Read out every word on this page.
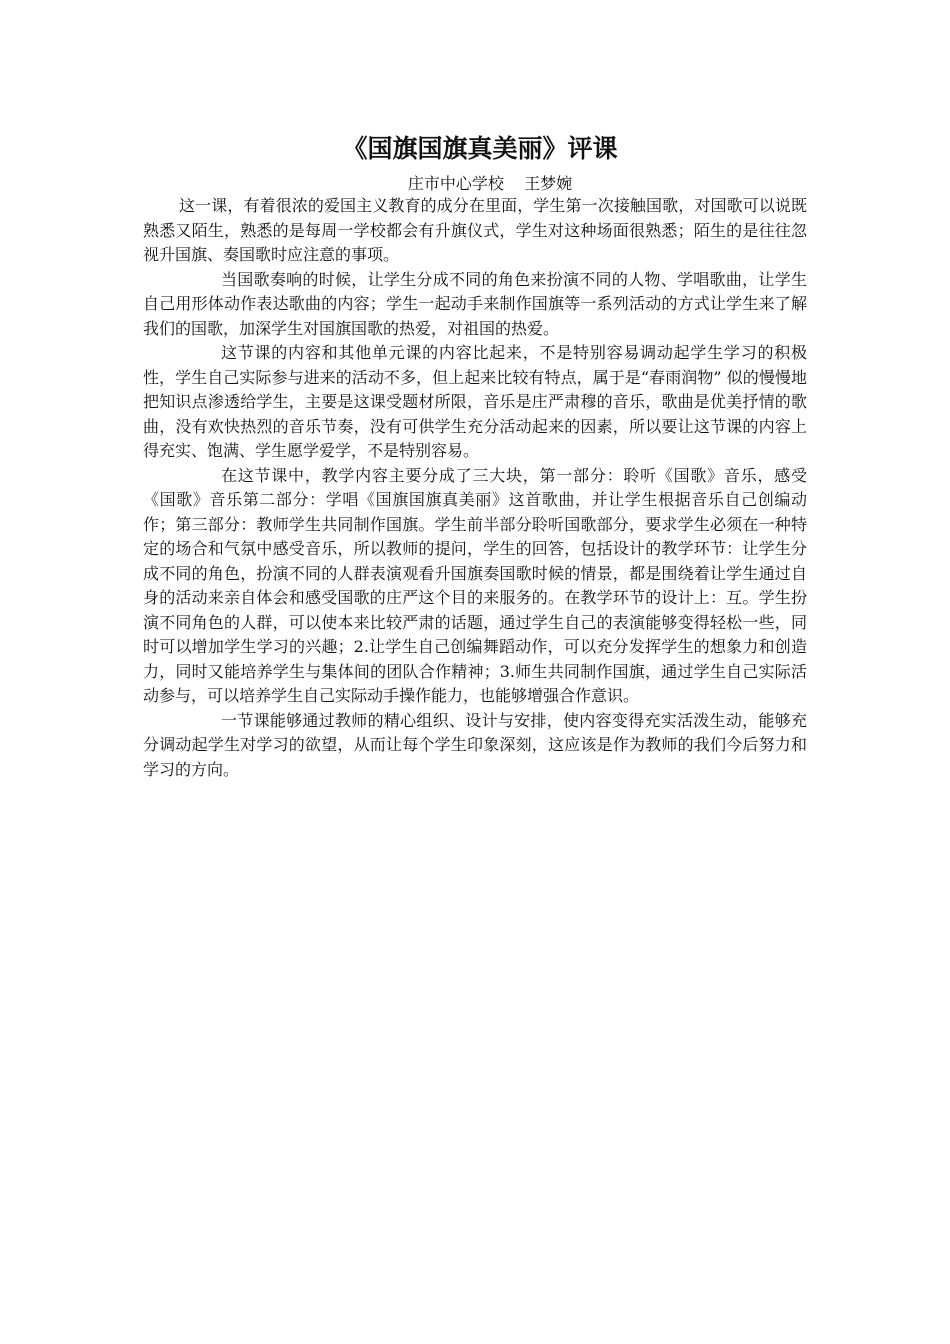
《国旗国旗真美丽》评课
庄市中心学校    王梦婉

这一课，有着很浓的爱国主义教育的成分在里面，学生第一次接触国歌，对国歌可以说既熟悉又陌生，熟悉的是每周一学校都会有升旗仪式，学生对这种场面很熟悉；陌生的是往往忽视升国旗、奏国歌时应注意的事项。

当国歌奏响的时候，让学生分成不同的角色来扮演不同的人物、学唱歌曲，让学生自己用形体动作表达歌曲的内容；学生一起动手来制作国旗等一系列活动的方式让学生来了解我们的国歌，加深学生对国旗国歌的热爱，对祖国的热爱。

这节课的内容和其他单元课的内容比起来，不是特别容易调动起学生学习的积极性，学生自己实际参与进来的活动不多，但上起来比较有特点，属于是“春雨润物” 似的慢慢地把知识点渗透给学生，主要是这课受题材所限，音乐是庄严肃穆的音乐，歌曲是优美抒情的歌曲，没有欢快热烈的音乐节奏，没有可供学生充分活动起来的因素，所以要让这节课的内容上得充实、饱满、学生愿学爱学，不是特别容易。

在这节课中，教学内容主要分成了三大块，第一部分：聆听《国歌》音乐，感受《国歌》音乐第二部分：学唱《国旗国旗真美丽》这首歌曲，并让学生根据音乐自己创编动作；第三部分：教师学生共同制作国旗。学生前半部分聆听国歌部分，要求学生必须在一种特定的场合和气氛中感受音乐，所以教师的提问，学生的回答，包括设计的教学环节：让学生分成不同的角色，扮演不同的人群表演观看升国旗奏国歌时候的情景，都是围绕着让学生通过自身的活动来亲自体会和感受国歌的庄严这个目的来服务的。在教学环节的设计上：互。学生扮演不同角色的人群，可以使本来比较严肃的话题，通过学生自己的表演能够变得轻松一些，同时可以增加学生学习的兴趣；2.让学生自己创编舞蹈动作，可以充分发挥学生的想象力和创造力，同时又能培养学生与集体间的团队合作精神；3.师生共同制作国旗，通过学生自己实际活动参与，可以培养学生自己实际动手操作能力，也能够增强合作意识。

一节课能够通过教师的精心组织、设计与安排，使内容变得充实活泼生动，能够充分调动起学生对学习的欲望，从而让每个学生印象深刻，这应该是作为教师的我们今后努力和学习的方向。
